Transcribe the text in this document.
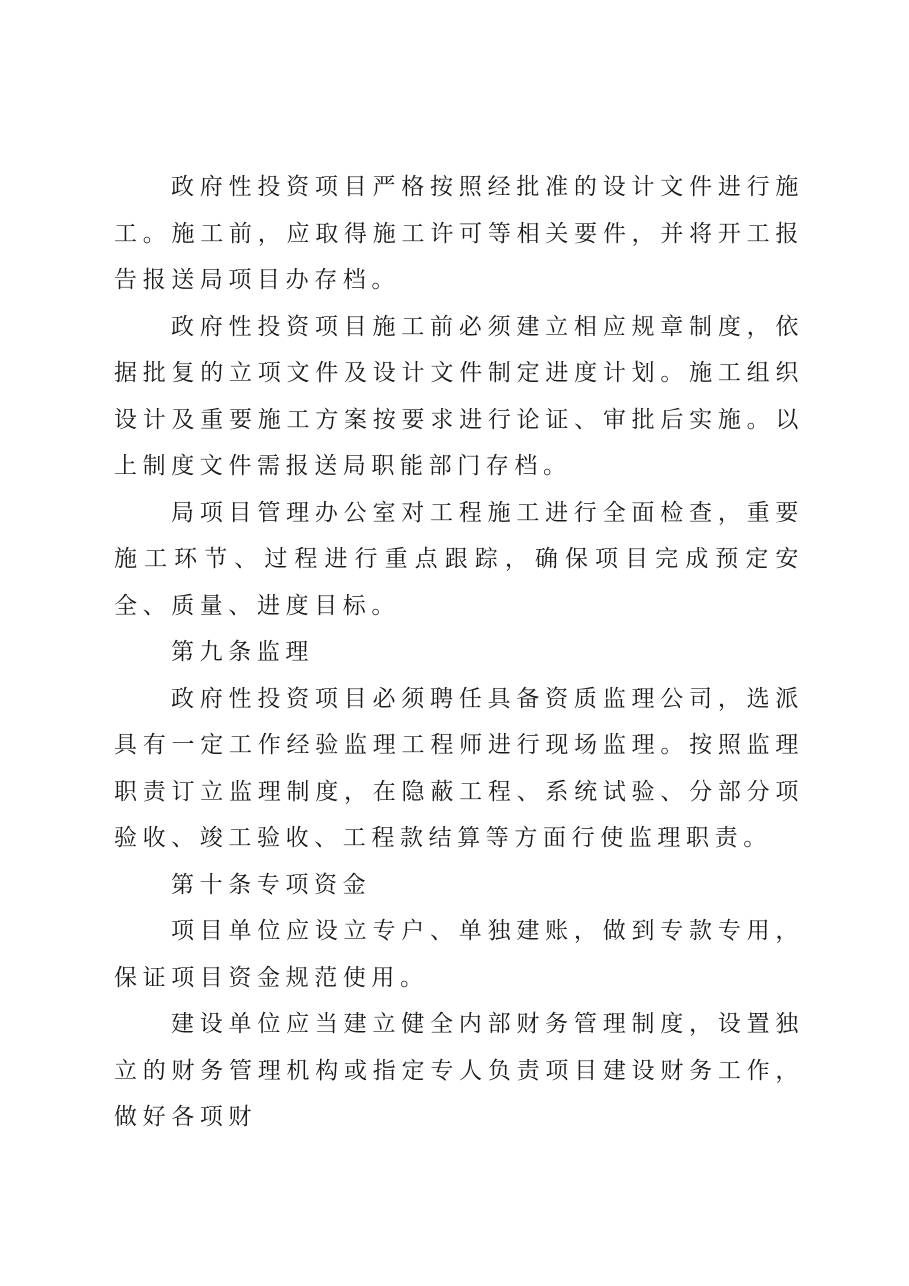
政府性投资项目严格按照经批准的设计文件进行施工。施工前，应取得施工许可等相关要件，并将开工报告报送局项目办存档。

政府性投资项目施工前必须建立相应规章制度，依据批复的立项文件及设计文件制定进度计划。施工组织设计及重要施工方案按要求进行论证、审批后实施。以上制度文件需报送局职能部门存档。

局项目管理办公室对工程施工进行全面检查，重要施工环节、过程进行重点跟踪，确保项目完成预定安全、质量、进度目标。

第九条监理

政府性投资项目必须聘任具备资质监理公司，选派具有一定工作经验监理工程师进行现场监理。按照监理职责订立监理制度，在隐蔽工程、系统试验、分部分项验收、竣工验收、工程款结算等方面行使监理职责。

第十条专项资金

项目单位应设立专户、单独建账，做到专款专用，保证项目资金规范使用。

建设单位应当建立健全内部财务管理制度，设置独立的财务管理机构或指定专人负责项目建设财务工作，做好各项财
